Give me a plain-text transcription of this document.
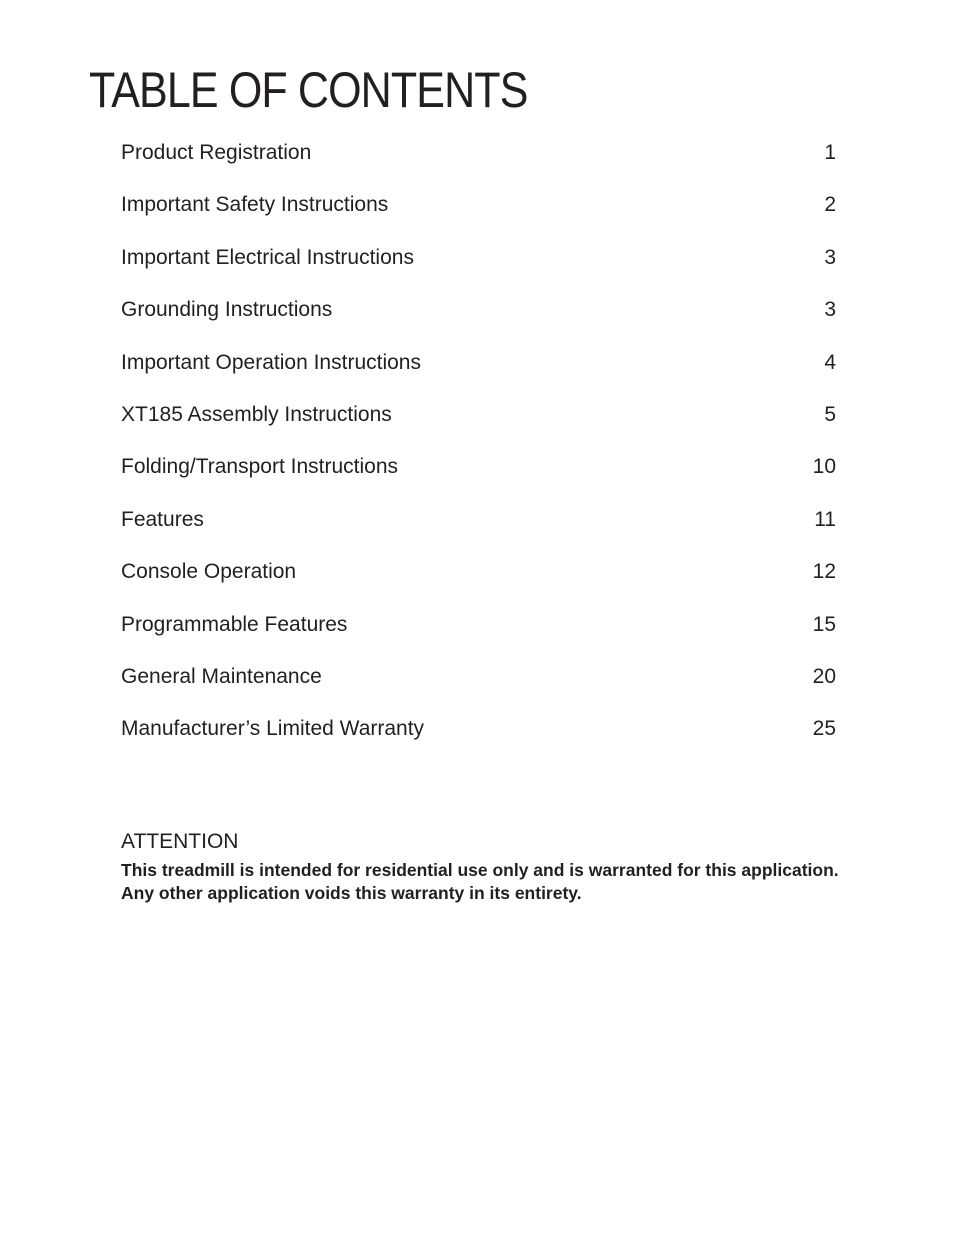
TABLE OF CONTENTS
Product Registration	1
Important Safety Instructions	2
Important Electrical Instructions	3
Grounding Instructions	3
Important Operation Instructions	4
XT185 Assembly Instructions	5
Folding/Transport Instructions	10
Features	11
Console Operation	12
Programmable Features	15
General Maintenance	20
Manufacturer’s Limited Warranty	25
ATTENTION

This treadmill is intended for residential use only and is warranted for this application.
Any other application voids this warranty in its entirety.
